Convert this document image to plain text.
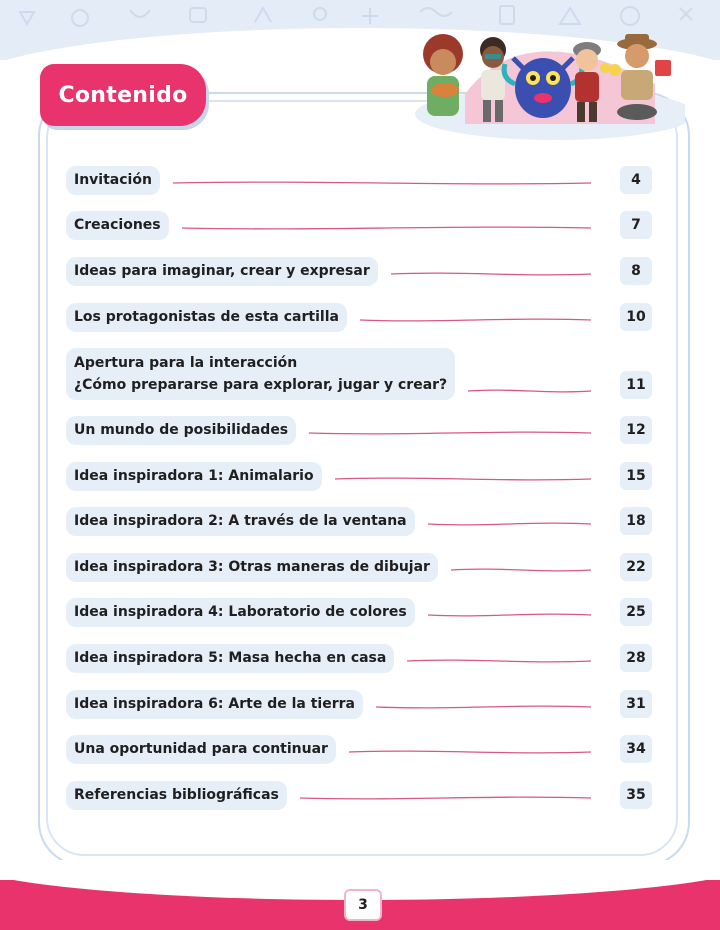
Contenido
Invitación	4
Creaciones	7
Ideas para imaginar, crear y expresar	8
Los protagonistas de esta cartilla	10
Apertura para la interacción
¿Cómo prepararse para explorar, jugar y crear?	11
Un mundo de posibilidades	12
Idea inspiradora 1: Animalario	15
Idea inspiradora 2: A través de la ventana	18
Idea inspiradora 3: Otras maneras de dibujar	22
Idea inspiradora 4: Laboratorio de colores	25
Idea inspiradora 5: Masa hecha en casa	28
Idea inspiradora 6: Arte de la tierra	31
Una oportunidad para continuar	34
Referencias bibliográficas	35
3
